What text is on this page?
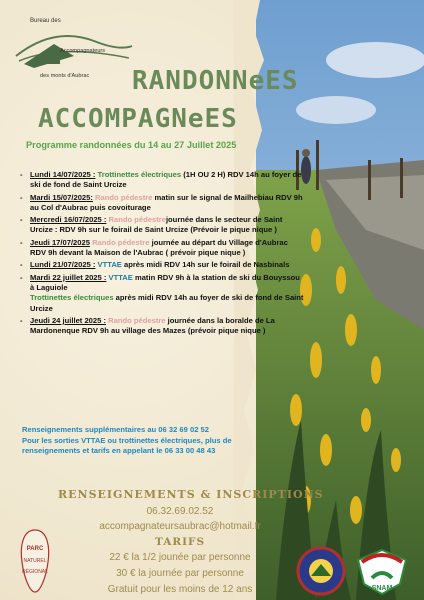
Bureau des
Accompagnateurs
des monts d'Aubrac RANDONNeES
ACCOMPAGNeES
Programme randonnées du 14 au 27 Juillet 2025
- Lundi 14/07/2025 : Trottinettes électriques (1H OU 2 H) RDV 14h au foyer de ski de fond de Saint Urcize
- Mardi 15/07/2025: Rando pédestre matin sur le signal de Mailhebiau RDV 9h au Col d'Aubrac puis covoiturage
- Mercredi 16/07/2025 : Rando pédestrejournée dans le secteur de Saint Urcize : RDV 9h sur le foirail de Saint Urcize (Prévoir le pique nique )
- Jeudi 17/07/2025 Rando pédestre journée au départ du Village d'Aubrac RDV 9h devant la Maison de l'Aubrac ( prévoir pique nique )
- Lundi 21/07/2025 : VTTAE après midi RDV 14h sur le foirail de Nasbinals
- Mardi 22 juillet 2025 : VTTAE matin RDV 9h à la station de ski du Bouyssou à Laguiole
Trottinettes électriques après midi RDV 14h au foyer de ski de fond de Saint Urcize
- Jeudi 24 juillet 2025 : Rando pédestre journée dans la boralde de La Mardonenque RDV 9h au village des Mazes (prévoir pique nique )
Renseignements supplémentaires au 06 32 69 02 52
Pour les sorties VTTAE ou trottinettes électriques, plus de
renseignements et tarifs en appelant le 06 33 00 48 43
RENSEIGNEMENTS & INSCRIPTIONS
06.32.69.02.52
accompagnateursaubrac@hotmail.fr
TARIFS
22 € la 1/2 jounée par personne
30 € la journée par personne
Gratuit pour les moins de 12 ans
PARC
NATUREL
RÉGIONAL
SNAM
